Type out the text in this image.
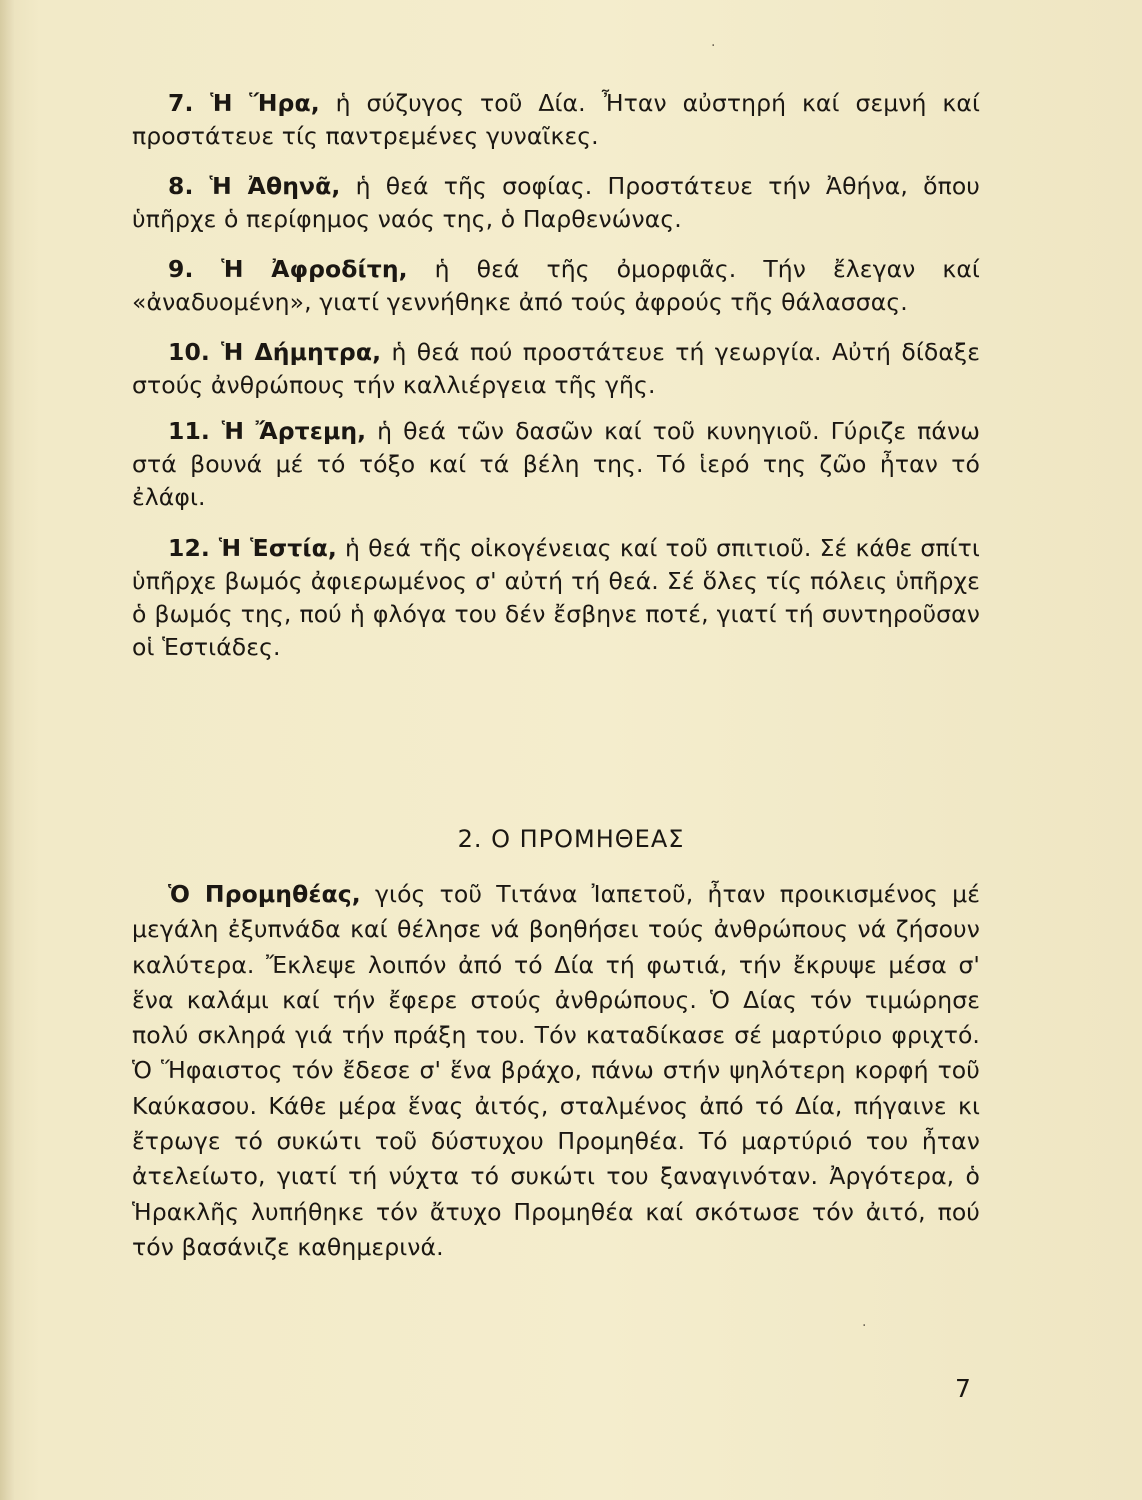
7. Ἡ Ἥρα, ἡ σύζυγος τοῦ Δία. Ἦταν αὐστηρή καί σεμνή καί προστάτευε τίς παντρεμένες γυναῖκες.

8. Ἡ Ἀθηνᾶ, ἡ θεά τῆς σοφίας. Προστάτευε τήν Ἀθήνα, ὅπου ὑπῆρχε ὁ περίφημος ναός της, ὁ Παρθενώνας.

9. Ἡ Ἀφροδίτη, ἡ θεά τῆς ὀμορφιᾶς. Τήν ἔλεγαν καί «ἀναδυομένη», γιατί γεννήθηκε ἀπό τούς ἀφρούς τῆς θάλασσας.

10. Ἡ Δήμητρα, ἡ θεά πού προστάτευε τή γεωργία. Αὐτή δίδαξε στούς ἀνθρώπους τήν καλλιέργεια τῆς γῆς.

11. Ἡ Ἄρτεμη, ἡ θεά τῶν δασῶν καί τοῦ κυνηγιοῦ. Γύριζε πάνω στά βουνά μέ τό τόξο καί τά βέλη της. Τό ἱερό της ζῶο ἦταν τό ἐλάφι.

12. Ἡ Ἑστία, ἡ θεά τῆς οἰκογένειας καί τοῦ σπιτιοῦ. Σέ κάθε σπίτι ὑπῆρχε βωμός ἀφιερωμένος σ' αὐτή τή θεά. Σέ ὅλες τίς πόλεις ὑπῆρχε ὁ βωμός της, πού ἡ φλόγα του δέν ἔσβηνε ποτέ, γιατί τή συντηροῦσαν οἱ Ἑστιάδες.

2. Ο ΠΡΟΜΗΘΕΑΣ

Ὁ Προμηθέας, γιός τοῦ Τιτάνα Ἰαπετοῦ, ἦταν προικισμένος μέ μεγάλη ἐξυπνάδα καί θέλησε νά βοηθήσει τούς ἀνθρώπους νά ζήσουν καλύτερα. Ἔκλεψε λοιπόν ἀπό τό Δία τή φωτιά, τήν ἔκρυψε μέσα σ' ἕνα καλάμι καί τήν ἔφερε στούς ἀνθρώπους. Ὁ Δίας τόν τιμώρησε πολύ σκληρά γιά τήν πράξη του. Τόν καταδίκασε σέ μαρτύριο φριχτό. Ὁ Ἥφαιστος τόν ἔδεσε σ' ἕνα βράχο, πάνω στήν ψηλότερη κορφή τοῦ Καύκασου. Κάθε μέρα ἕνας ἀιτός, σταλμένος ἀπό τό Δία, πήγαινε κι ἔτρωγε τό συκώτι τοῦ δύστυχου Προμηθέα. Τό μαρτύριό του ἦταν ἀτελείωτο, γιατί τή νύχτα τό συκώτι του ξαναγινόταν. Ἀργότερα, ὁ Ἡρακλῆς λυπήθηκε τόν ἄτυχο Προμηθέα καί σκότωσε τόν ἀιτό, πού τόν βασάνιζε καθημερινά.

7
·
·
